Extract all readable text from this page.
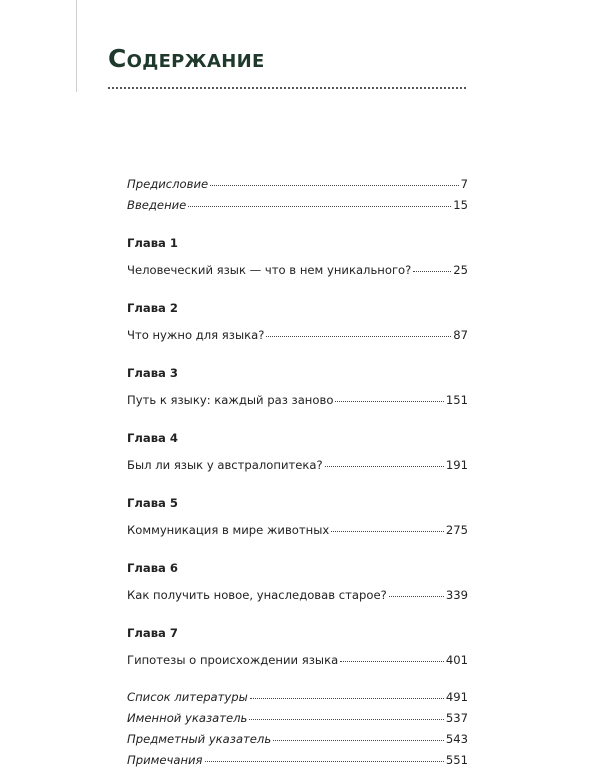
Содержание
Предисловие	7
Введение	15
Глава 1
Человеческий язык — что в нем уникального?	25
Глава 2
Что нужно для языка?	87
Глава 3
Путь к языку: каждый раз заново	151
Глава 4
Был ли язык у австралопитека?	191
Глава 5
Коммуникация в мире животных	275
Глава 6
Как получить новое, унаследовав старое?	339
Глава 7
Гипотезы о происхождении языка	401
Список литературы	491
Именной указатель	537
Предметный указатель	543
Примечания	551
